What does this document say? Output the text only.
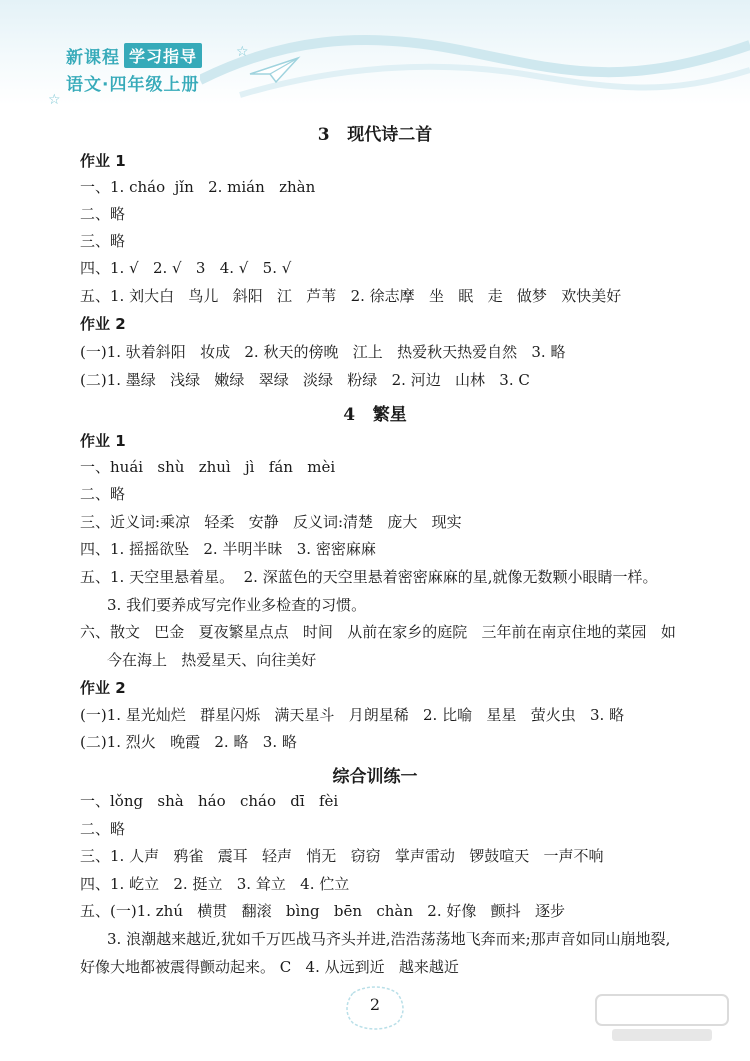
☆
☆
新课程 学习指导
语文·四年级上册
3   现代诗二首
作业 1
一、1. cháo  jǐn   2. mián   zhàn
二、略
三、略
四、1. √   2. √   3   4. √   5. √
五、1. 刘大白   鸟儿   斜阳   江   芦苇   2. 徐志摩   坐   眠   走   做梦   欢快美好
作业 2
(一)1. 驮着斜阳   妆成   2. 秋天的傍晚   江上   热爱秋天热爱自然   3. 略
(二)1. 墨绿   浅绿   嫩绿   翠绿   淡绿   粉绿   2. 河边   山林   3. C
4   繁星
作业 1
一、huái   shù   zhuì   jì   fán   mèi
二、略
三、近义词:乘凉   轻柔   安静   反义词:清楚   庞大   现实
四、1. 摇摇欲坠   2. 半明半昧   3. 密密麻麻
五、1. 天空里悬着星。  2. 深蓝色的天空里悬着密密麻麻的星,就像无数颗小眼睛一样。
3. 我们要养成写完作业多检查的习惯。
六、散文   巴金   夏夜繁星点点   时间   从前在家乡的庭院   三年前在南京住地的菜园   如
今在海上   热爱星天、向往美好
作业 2
(一)1. 星光灿烂   群星闪烁   满天星斗   月朗星稀   2. 比喻   星星   萤火虫   3. 略
(二)1. 烈火   晚霞   2. 略   3. 略
综合训练一
一、lǒng   shà   háo   cháo   dī   fèi
二、略
三、1. 人声   鸦雀   震耳   轻声   悄无   窃窃   掌声雷动   锣鼓喧天   一声不响
四、1. 屹立   2. 挺立   3. 耸立   4. 伫立
五、(一)1. zhú   横贯   翻滚   bìng   bēn   chàn   2. 好像   颤抖   逐步
3. 浪潮越来越近,犹如千万匹战马齐头并进,浩浩荡荡地飞奔而来;那声音如同山崩地裂,
好像大地都被震得颤动起来。 C   4. 从远到近   越来越近
2
